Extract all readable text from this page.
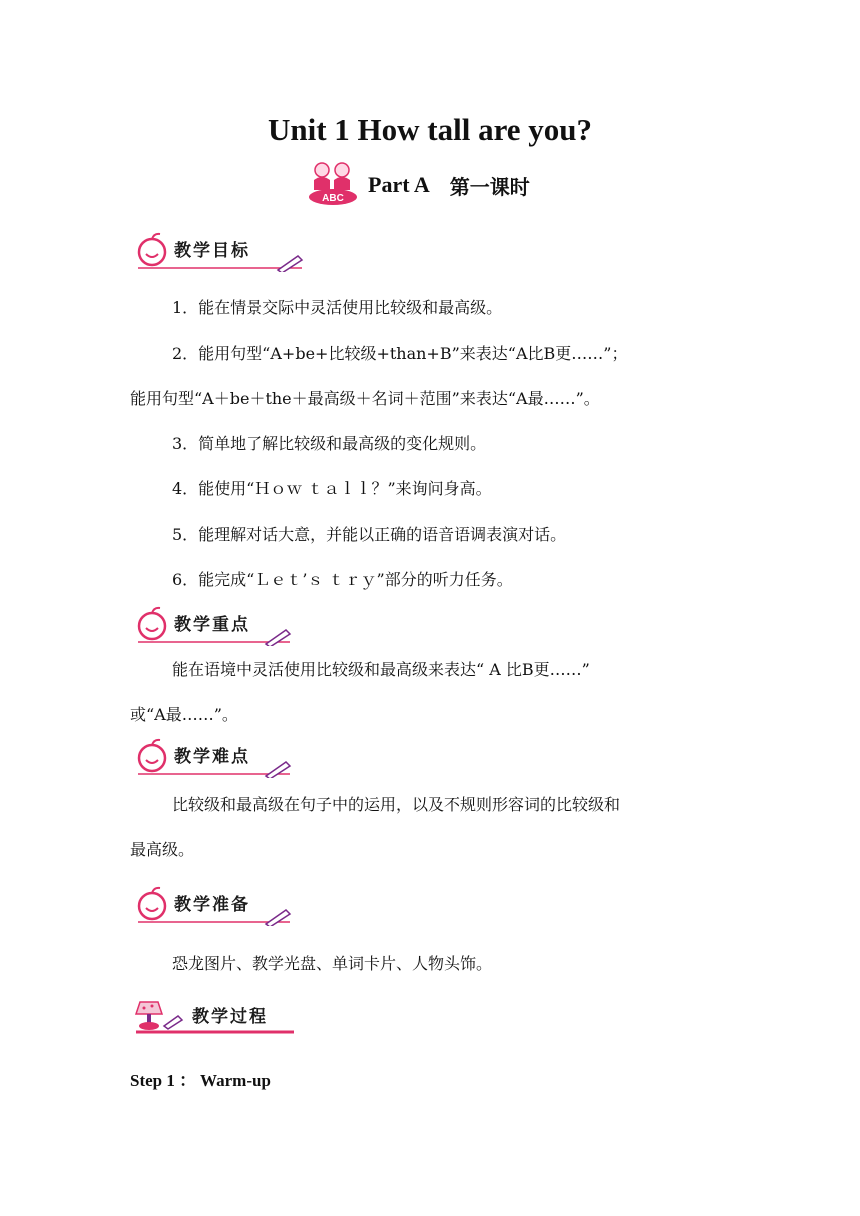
Unit 1 How tall are you?
ABC
Part A 第一课时
教学目标
1．能在情景交际中灵活使用比较级和最高级。
2．能用句型“A+be+比较级+than+B”来表达“A比B更……”；
能用句型“A＋be＋the＋最高级＋名词＋范围”来表达“A最……”。
3．简单地了解比较级和最高级的变化规则。
4．能使用“Ｈｏｗ ｔａｌｌ？”来询问身高。
5．能理解对话大意，并能以正确的语音语调表演对话。
6．能完成“Ｌｅｔ’ｓ ｔｒｙ”部分的听力任务。
教学重点
能在语境中灵活使用比较级和最高级来表达“ A 比B更……”
或“A最……”。
教学难点
比较级和最高级在句子中的运用，以及不规则形容词的比较级和
最高级。
教学准备
恐龙图片、教学光盘、单词卡片、人物头饰。
教学过程
Step 1 ： Warm-up
